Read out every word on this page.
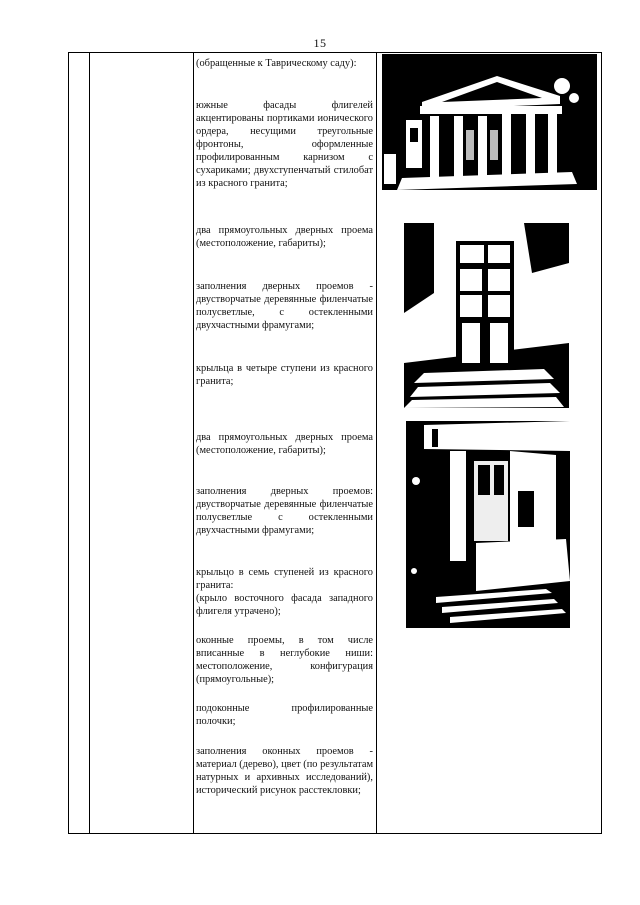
15

(обращенные к Таврическому саду):

южные фасады флигелей акцентированы портиками ионического ордера, несущими треугольные фронтоны, оформленные профилированным карнизом с сухариками; двухступенчатый стилобат из красного гранита;

два прямоугольных дверных проема (местоположение, габариты);

заполнения дверных проемов - двустворчатые деревянные филенчатые полусветлые, с остекленными двухчастными фрамугами;

крыльца в четыре ступени из красного гранита;

два прямоугольных дверных проема (местоположение, габариты);

заполнения дверных проемов: двустворчатые деревянные филенчатые полусветлые с остекленными двухчастными фрамугами;

крыльцо в семь ступеней из красного гранита:
(крыло восточного фасада западного флигеля утрачено);

оконные проемы, в том числе вписанные в неглубокие ниши: местоположение, конфигурация (прямоугольные);

подоконные профилированные полочки;

заполнения оконных проемов - материал (дерево), цвет (по результатам натурных и архивных исследований), исторический рисунок расстекловки;
